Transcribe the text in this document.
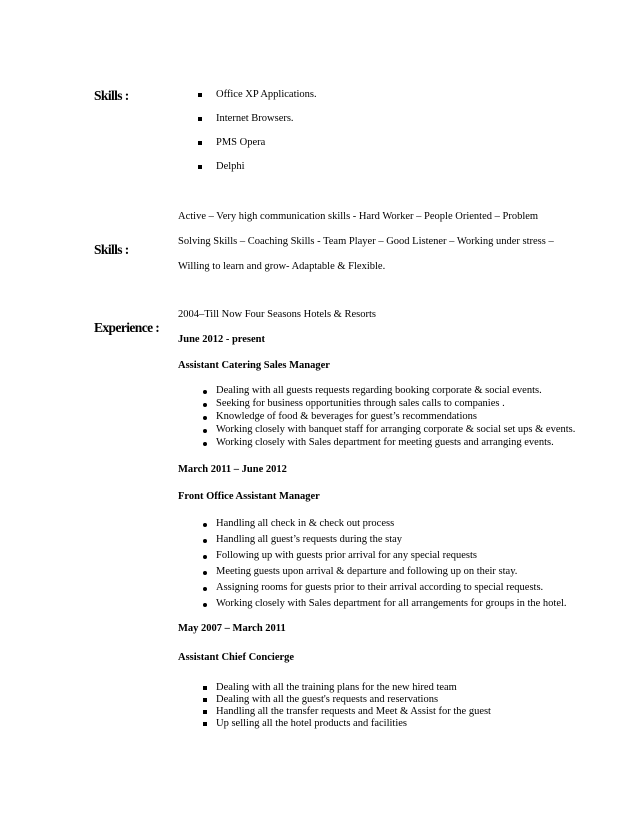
Skills :	Office XP Applications.
Internet Browsers.
PMS Opera
Delphi
Skills :
Active – Very high communication skills - Hard Worker – People Oriented – Problem
Solving Skills – Coaching Skills - Team Player – Good Listener – Working under stress –
Willing to learn and grow- Adaptable & Flexible.
Experience :
2004–Till Now Four Seasons Hotels & Resorts
June 2012 - present
Assistant Catering Sales Manager
Dealing with all guests requests regarding booking corporate & social events.
Seeking for business opportunities through sales calls to companies .
Knowledge of food & beverages for guest’s recommendations
Working closely with banquet staff for arranging corporate & social set ups & events.
Working closely with Sales department for meeting guests and arranging events.
March 2011 – June 2012
Front Office Assistant Manager
Handling all check in & check out process
Handling all guest’s requests during the stay
Following up with guests prior arrival for any special requests
Meeting guests upon arrival & departure and following up on their stay.
Assigning rooms for guests prior to their arrival according to special requests.
Working closely with Sales department for all arrangements for groups in the hotel.
May 2007 – March 2011
Assistant Chief Concierge
Dealing with all the training plans for the new hired team
Dealing with all the guest's requests and reservations
Handling all the transfer requests and Meet & Assist for the guest
Up selling all the hotel products and facilities
